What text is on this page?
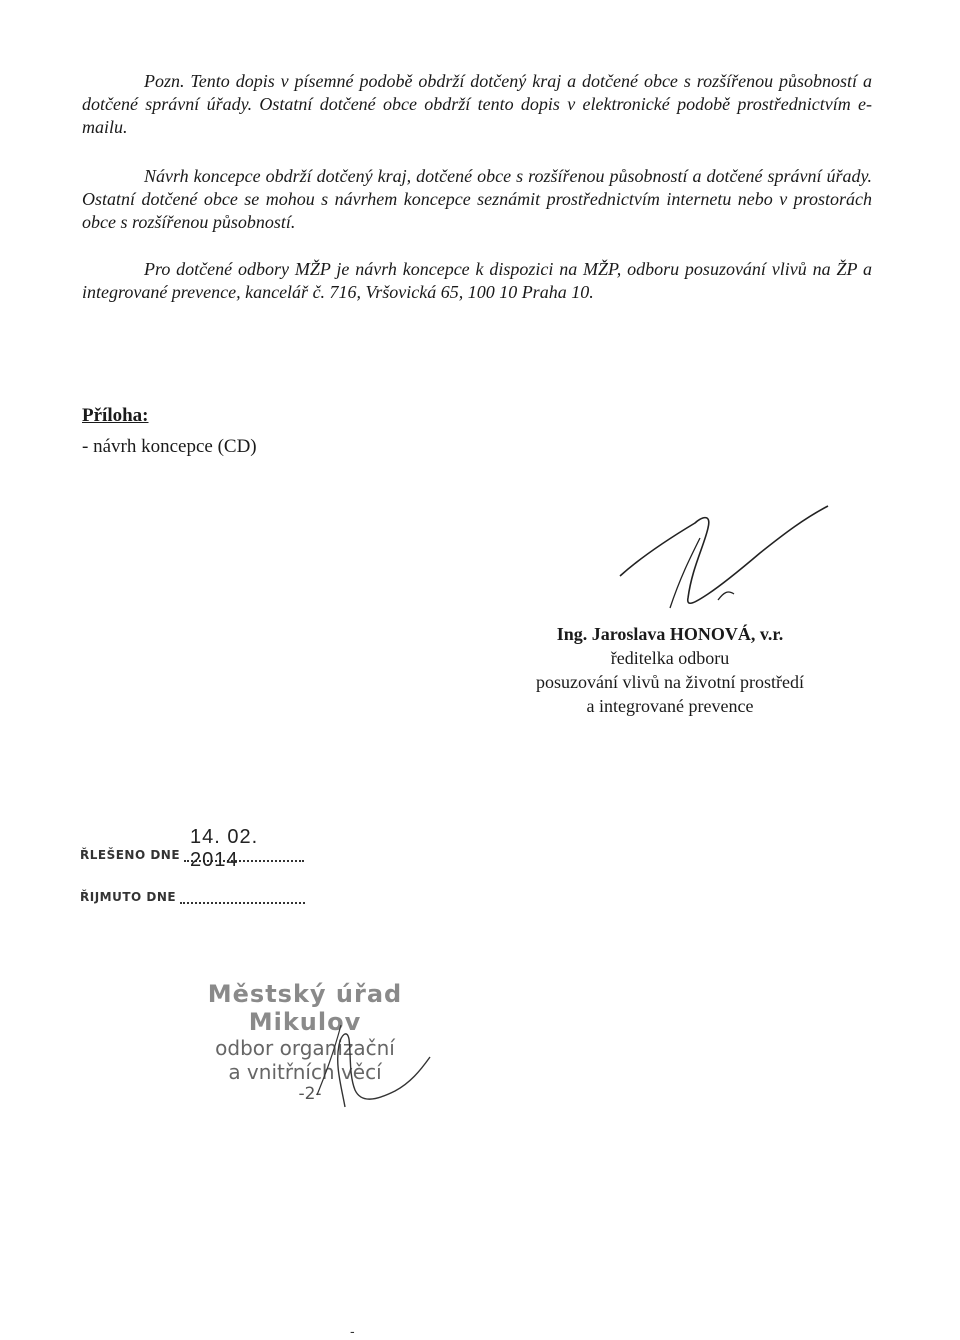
Pozn. Tento dopis v písemné podobě obdrží dotčený kraj a dotčené obce s rozšířenou působností a dotčené správní úřady. Ostatní dotčené obce obdrží tento dopis v elektronické podobě prostřednictvím e-mailu.

Návrh koncepce obdrží dotčený kraj, dotčené obce s rozšířenou působností a dotčené správní úřady. Ostatní dotčené obce se mohou s návrhem koncepce seznámit prostřednictvím internetu nebo v prostorách obce s rozšířenou působností.

Pro dotčené odbory MŽP je návrh koncepce k dispozici na MŽP, odboru posuzování vlivů na ŽP a integrované prevence, kancelář č. 716, Vršovická 65, 100 10 Praha 10.

Příloha:

- návrh koncepce (CD)

Ing. Jaroslava HONOVÁ, v.r.
ředitelka odboru
posuzování vlivů na životní prostředí
a integrované prevence
ŘLEŠENO DNE
14. 02. 2014
ŘIJMUTO DNE
Městský úřad Mikulov
odbor organizační
a vnitřních věcí
-2-
-
